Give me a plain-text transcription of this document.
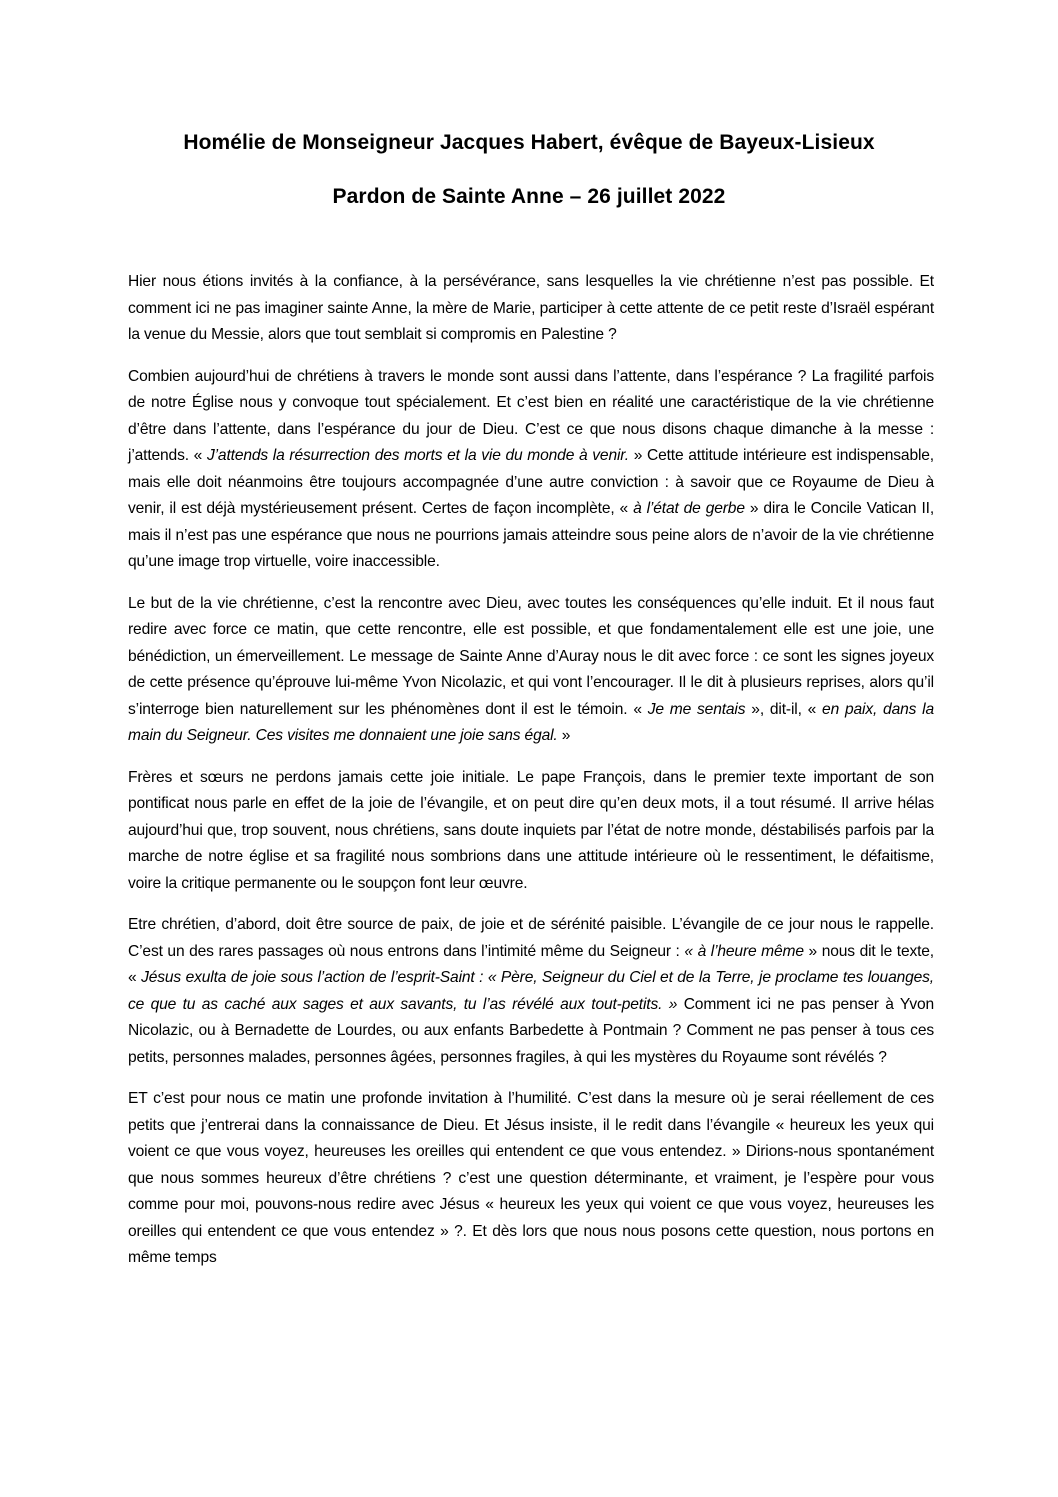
Homélie de Monseigneur Jacques Habert, évêque de Bayeux-Lisieux
Pardon de Sainte Anne – 26 juillet 2022

Hier nous étions invités à la confiance, à la persévérance, sans lesquelles la vie chrétienne n’est pas possible. Et comment ici ne pas imaginer sainte Anne, la mère de Marie, participer à cette attente de ce petit reste d’Israël espérant la venue du Messie, alors que tout semblait si compromis en Palestine ?

Combien aujourd’hui de chrétiens à travers le monde sont aussi dans l’attente, dans l’espérance ? La fragilité parfois de notre Église nous y convoque tout spécialement. Et c’est bien en réalité une caractéristique de la vie chrétienne d’être dans l’attente, dans l’espérance du jour de Dieu. C’est ce que nous disons chaque dimanche à la messe : j’attends. « J’attends la résurrection des morts et la vie du monde à venir. » Cette attitude intérieure est indispensable, mais elle doit néanmoins être toujours accompagnée d’une autre conviction : à savoir que ce Royaume de Dieu à venir, il est déjà mystérieusement présent. Certes de façon incomplète, « à l’état de gerbe » dira le Concile Vatican II, mais il n’est pas une espérance que nous ne pourrions jamais atteindre sous peine alors de n’avoir de la vie chrétienne qu’une image trop virtuelle, voire inaccessible.

Le but de la vie chrétienne, c’est la rencontre avec Dieu, avec toutes les conséquences qu’elle induit. Et il nous faut redire avec force ce matin, que cette rencontre, elle est possible, et que fondamentalement elle est une joie, une bénédiction, un émerveillement. Le message de Sainte Anne d’Auray nous le dit avec force : ce sont les signes joyeux de cette présence qu’éprouve lui-même Yvon Nicolazic, et qui vont l’encourager. Il le dit à plusieurs reprises, alors qu’il s’interroge bien naturellement sur les phénomènes dont il est le témoin. « Je me sentais », dit-il, « en paix, dans la main du Seigneur. Ces visites me donnaient une joie sans égal. »

Frères et sœurs ne perdons jamais cette joie initiale. Le pape François, dans le premier texte important de son pontificat nous parle en effet de la joie de l’évangile, et on peut dire qu’en deux mots, il a tout résumé. Il arrive hélas aujourd’hui que, trop souvent, nous chrétiens, sans doute inquiets par l’état de notre monde, déstabilisés parfois par la marche de notre église et sa fragilité nous sombrions dans une attitude intérieure où le ressentiment, le défaitisme, voire la critique permanente ou le soupçon font leur œuvre.

Etre chrétien, d’abord, doit être source de paix, de joie et de sérénité paisible. L’évangile de ce jour nous le rappelle. C’est un des rares passages où nous entrons dans l’intimité même du Seigneur : « à l’heure même » nous dit le texte, « Jésus exulta de joie sous l’action de l’esprit-Saint : « Père, Seigneur du Ciel et de la Terre, je proclame tes louanges, ce que tu as caché aux sages et aux savants, tu l’as révélé aux tout-petits. » Comment ici ne pas penser à Yvon Nicolazic, ou à Bernadette de Lourdes, ou aux enfants Barbedette à Pontmain ? Comment ne pas penser à tous ces petits, personnes malades, personnes âgées, personnes fragiles, à qui les mystères du Royaume sont révélés ?

ET c’est pour nous ce matin une profonde invitation à l’humilité. C’est dans la mesure où je serai réellement de ces petits que j’entrerai dans la connaissance de Dieu. Et Jésus insiste, il le redit dans l’évangile « heureux les yeux qui voient ce que vous voyez, heureuses les oreilles qui entendent ce que vous entendez. » Dirions-nous spontanément que nous sommes heureux d’être chrétiens ? c’est une question déterminante, et vraiment, je l’espère pour vous comme pour moi, pouvons-nous redire avec Jésus « heureux les yeux qui voient ce que vous voyez, heureuses les oreilles qui entendent ce que vous entendez » ?. Et dès lors que nous nous posons cette question, nous portons en même temps
